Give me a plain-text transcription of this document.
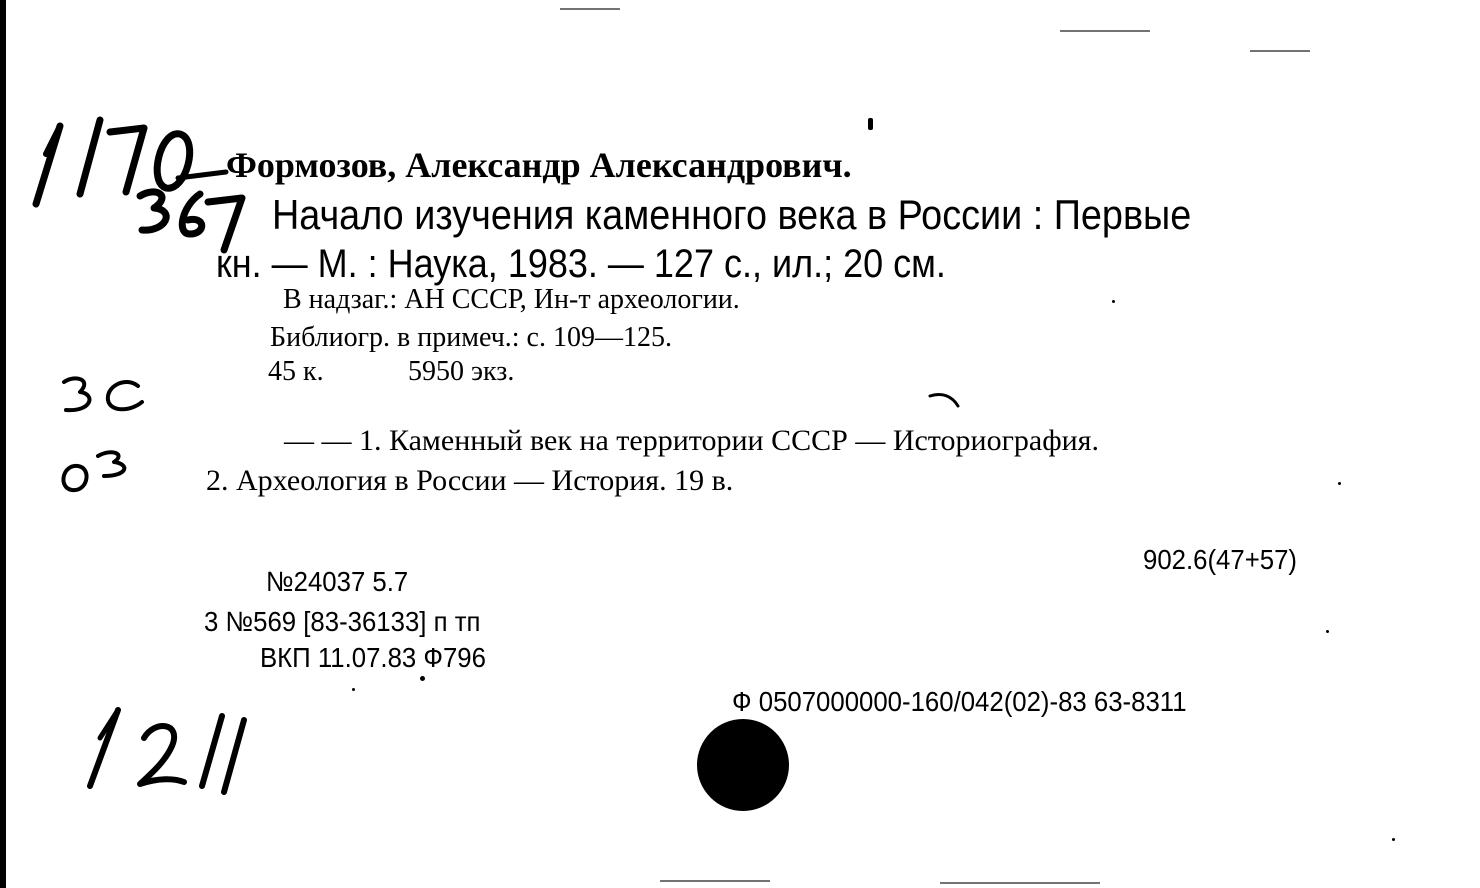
Формозов, Александр Александрович.
Начало изучения каменного века в России : Первые
кн. — М. : Наука, 1983. — 127 с., ил.; 20 см.
В надзаг.: АН СССР, Ин-т археологии.
Библиогр. в примеч.: с. 109—125.
45 к.	5950 экз.
— — 1. Каменный век на территории СССР — Историография.
2. Археология в России — История. 19 в.
902.6(47+57)
№24037 5.7
3 №569 [83-36133] п тп
ВКП 11.07.83 Ф796
Ф 0507000000-160/042(02)-83 63-8311
